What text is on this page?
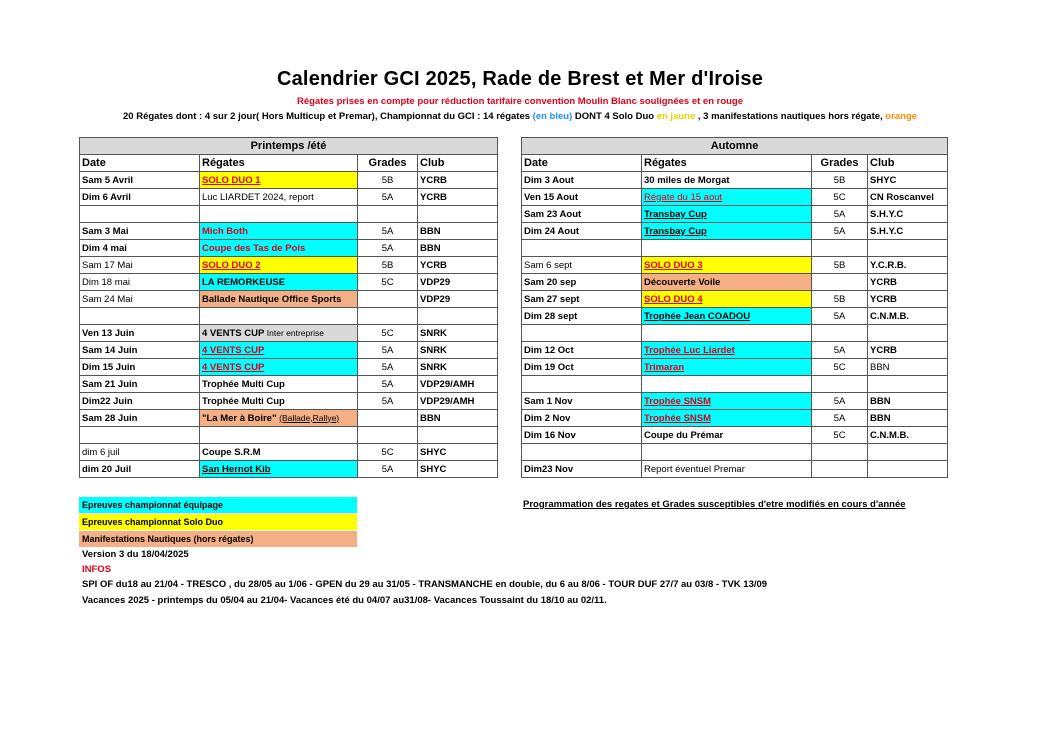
Calendrier GCI 2025, Rade de Brest et Mer d'Iroise
Régates prises en compte pour réduction tarifaire convention Moulin Blanc soulignées et en rouge
20 Régates dont : 4 sur 2 jour( Hors Multicup et Premar), Championnat du GCI : 14 régates (en bleu) DONT 4 Solo Duo en jaune , 3 manifestations nautiques hors régate, orange
Printemps /été			
Date	Régates	Grades	Club
Sam 5 Avril	SOLO DUO 1	5B	YCRB
Dim 6 Avril	Luc LIARDET 2024, report	5A	YCRB

Sam 3 Mai	Mich Both	5A	BBN
Dim 4 mai	Coupe des Tas de Pois	5A	BBN
Sam 17 Mai	SOLO DUO 2	5B	YCRB
Dim 18 mai	LA REMORKEUSE	5C	VDP29
Sam 24 Mai	Ballade Nautique Office Sports		VDP29

Ven 13 Juin	4 VENTS CUP Inter entreprise	5C	SNRK
Sam 14 Juin	4 VENTS CUP	5A	SNRK
Dim 15 Juin	4 VENTS CUP	5A	SNRK
Sam 21 Juin	Trophée Multi Cup	5A	VDP29/AMH
Dim22 Juin	Trophée Multi Cup	5A	VDP29/AMH
Sam 28 Juin	"La Mer à Boire" (Ballade,Rallye)		BBN

dim 6 juil	Coupe S.R.M	5C	SHYC
dim 20 Juil	San Hernot Kib	5A	SHYC
Automne			
Date	Régates	Grades	Club
Dim 3 Aout	30 miles de Morgat	5B	SHYC
Ven 15 Aout	Régate du 15 aout	5C	CN Roscanvel
Sam 23 Aout	Transbay Cup	5A	S.H.Y.C
Dim 24 Aout	Transbay Cup	5A	S.H.Y.C

Sam 6 sept	SOLO DUO 3	5B	Y.C.R.B.
Sam 20 sep	Découverte Voile		YCRB
Sam 27 sept	SOLO DUO 4	5B	YCRB
Dim 28 sept	Trophée Jean COADOU	5A	C.N.M.B.

Dim 12 Oct	Trophée Luc Liardet	5A	YCRB
Dim 19 Oct	Trimaran	5C	BBN

Sam 1 Nov	Trophée SNSM	5A	BBN
Dim 2 Nov	Trophée SNSM	5A	BBN
Dim 16 Nov	Coupe du Prémar	5C	C.N.M.B.

Dim23 Nov	Report éventuel Premar		
Epreuves championnat équipage
Epreuves championnat Solo Duo
Manifestations Nautiques (hors régates)
Programmation des regates et Grades susceptibles d'etre modifiés en cours d'année
Version 3 du 18/04/2025
INFOS
SPI OF du18 au 21/04 - TRESCO , du 28/05 au 1/06 - GPEN du 29 au 31/05 - TRANSMANCHE en double, du 6 au 8/06 - TOUR DUF 27/7 au 03/8 - TVK 13/09
Vacances 2025 - printemps du 05/04 au 21/04- Vacances été du 04/07 au31/08- Vacances Toussaint du 18/10 au 02/11.
